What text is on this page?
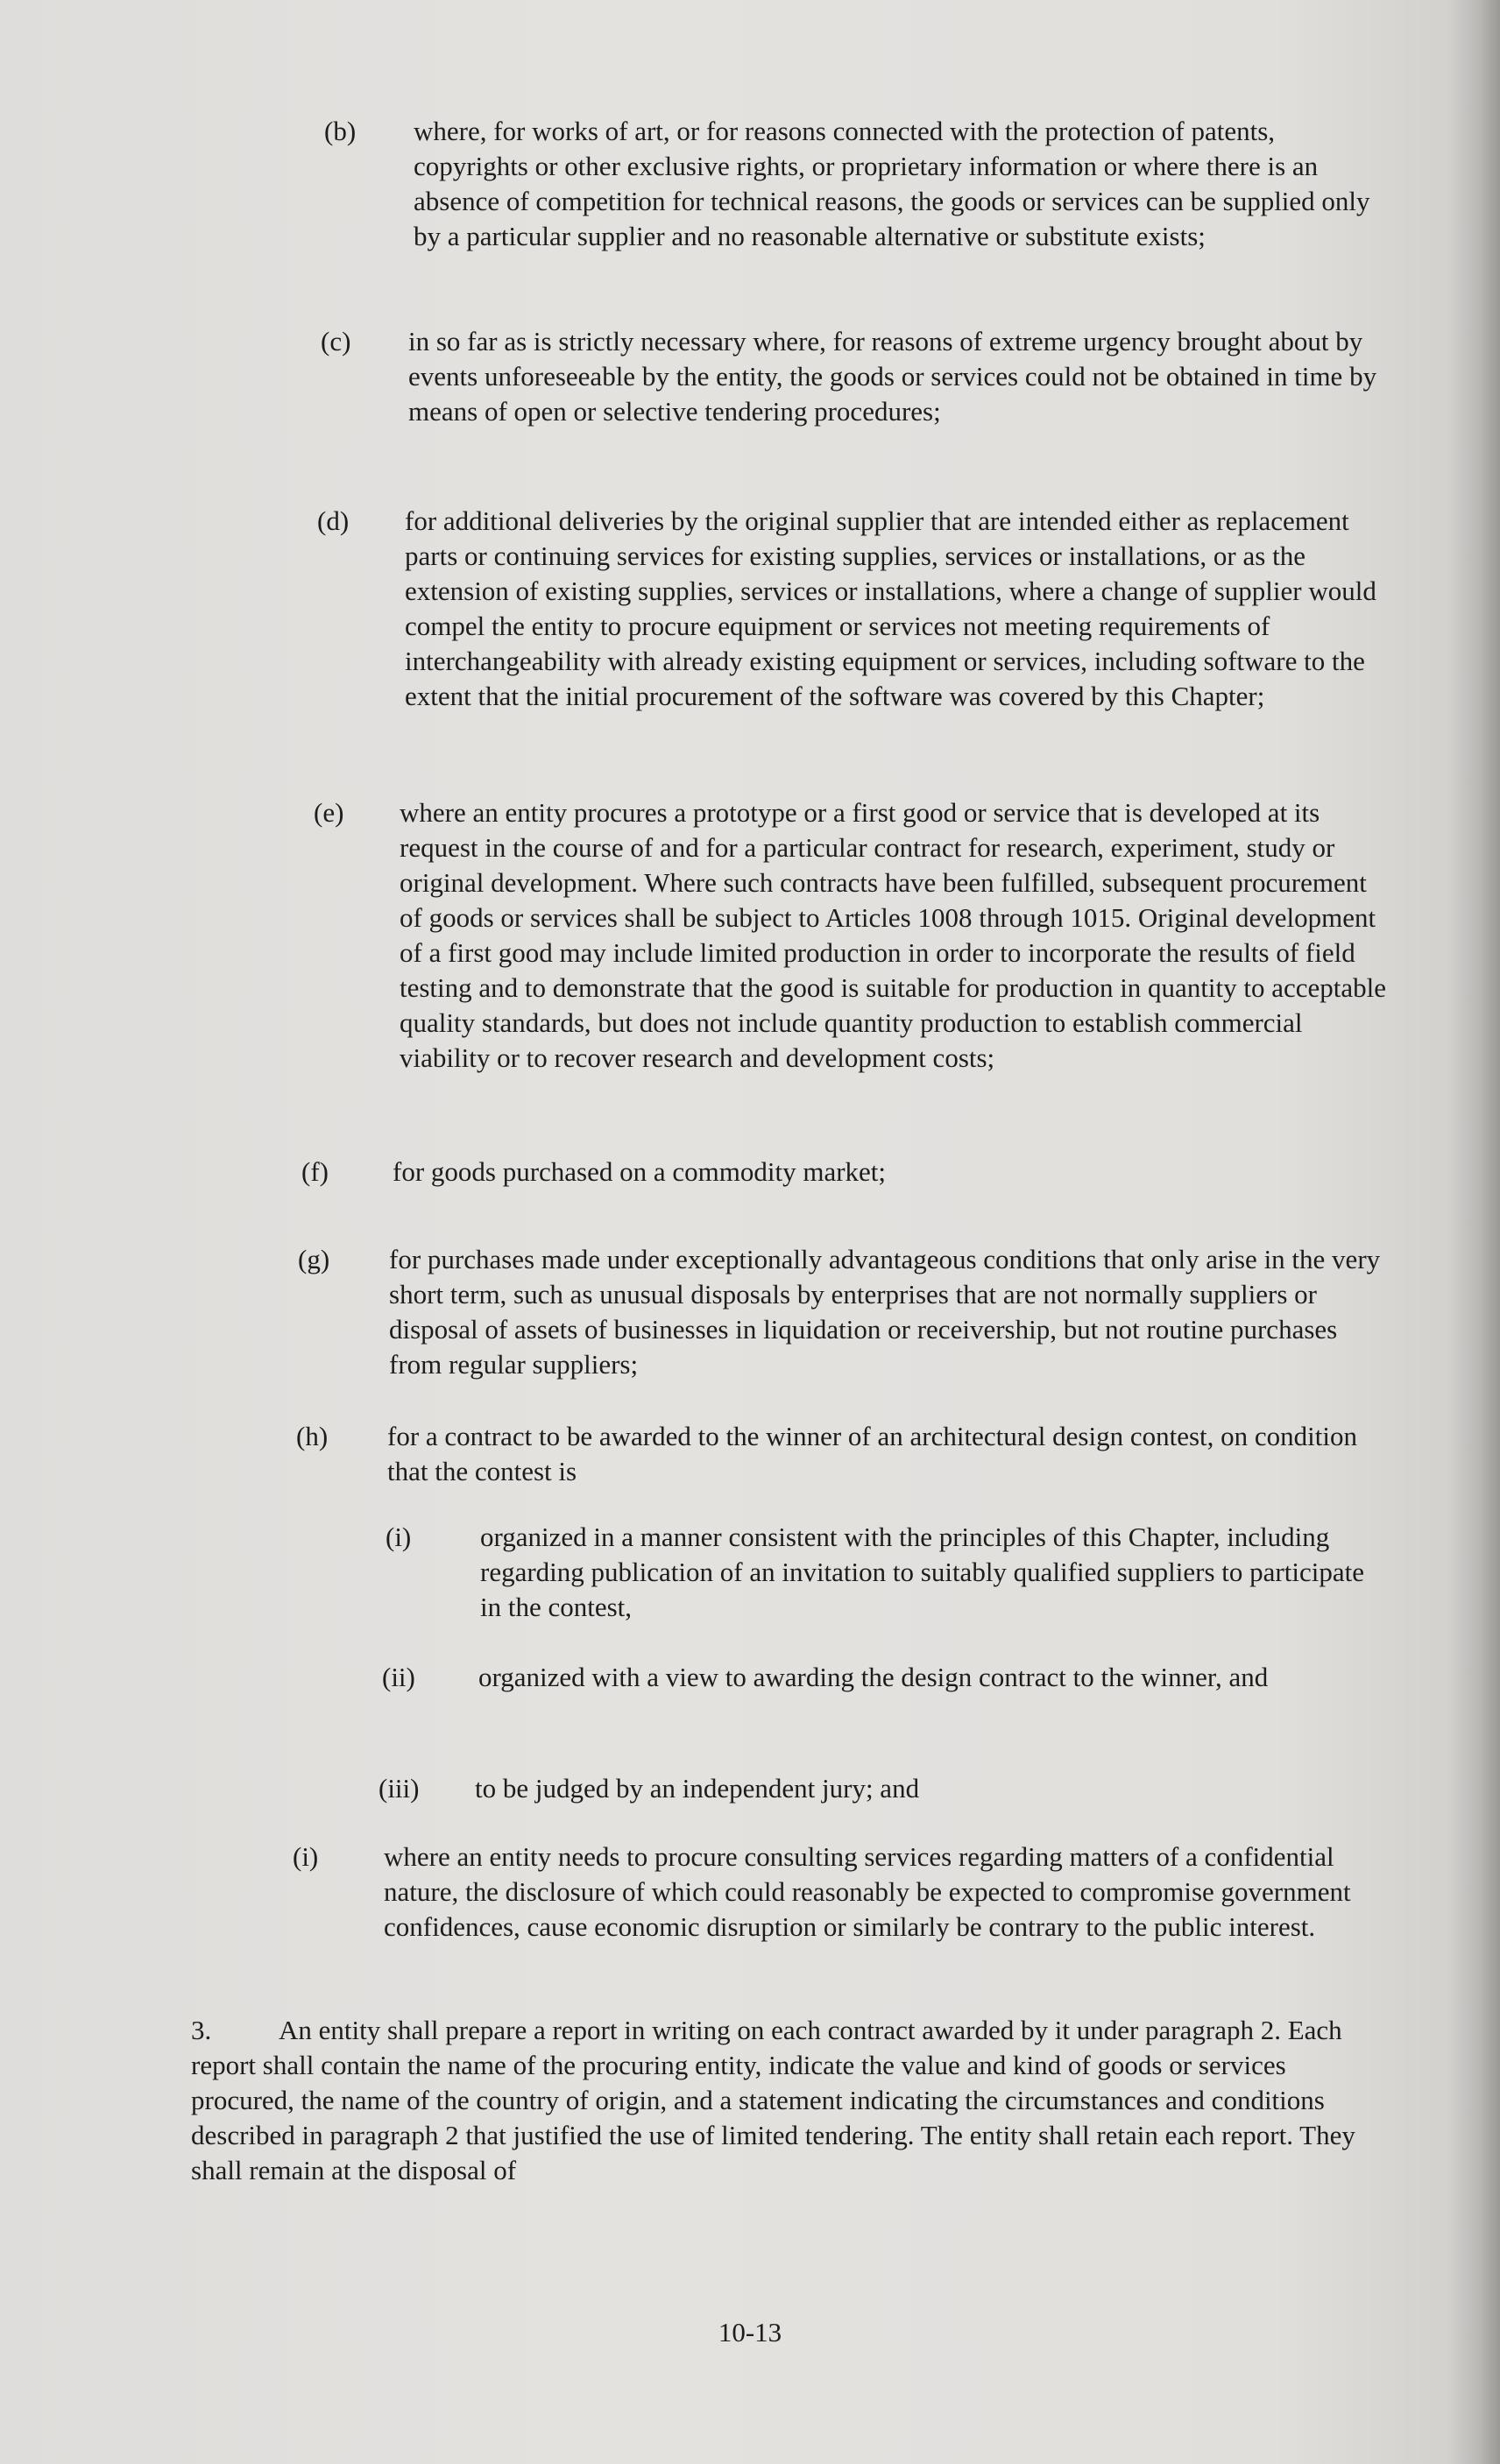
(b) where, for works of art, or for reasons connected with the protection of patents, copyrights or other exclusive rights, or proprietary information or where there is an absence of competition for technical reasons, the goods or services can be supplied only by a particular supplier and no reasonable alternative or substitute exists;
(c) in so far as is strictly necessary where, for reasons of extreme urgency brought about by events unforeseeable by the entity, the goods or services could not be obtained in time by means of open or selective tendering procedures;
(d) for additional deliveries by the original supplier that are intended either as replacement parts or continuing services for existing supplies, services or installations, or as the extension of existing supplies, services or installations, where a change of supplier would compel the entity to procure equipment or services not meeting requirements of interchangeability with already existing equipment or services, including software to the extent that the initial procurement of the software was covered by this Chapter;
(e) where an entity procures a prototype or a first good or service that is developed at its request in the course of and for a particular contract for research, experiment, study or original development. Where such contracts have been fulfilled, subsequent procurement of goods or services shall be subject to Articles 1008 through 1015. Original development of a first good may include limited production in order to incorporate the results of field testing and to demonstrate that the good is suitable for production in quantity to acceptable quality standards, but does not include quantity production to establish commercial viability or to recover research and development costs;
(f) for goods purchased on a commodity market;
(g) for purchases made under exceptionally advantageous conditions that only arise in the very short term, such as unusual disposals by enterprises that are not normally suppliers or disposal of assets of businesses in liquidation or receivership, but not routine purchases from regular suppliers;
(h) for a contract to be awarded to the winner of an architectural design contest, on condition that the contest is
(i)	organized in a manner consistent with the principles of this Chapter, including regarding publication of an invitation to suitably qualified suppliers to participate in the contest,
(ii) organized with a view to awarding the design contract to the winner, and
(iii) to be judged by an independent jury; and
(i) where an entity needs to procure consulting services regarding matters of a confidential nature, the disclosure of which could reasonably be expected to compromise government confidences, cause economic disruption or similarly be contrary to the public interest.
3. An entity shall prepare a report in writing on each contract awarded by it under paragraph 2. Each report shall contain the name of the procuring entity, indicate the value and kind of goods or services procured, the name of the country of origin, and a statement indicating the circumstances and conditions described in paragraph 2 that justified the use of limited tendering. The entity shall retain each report. They shall remain at the disposal of
10-13
